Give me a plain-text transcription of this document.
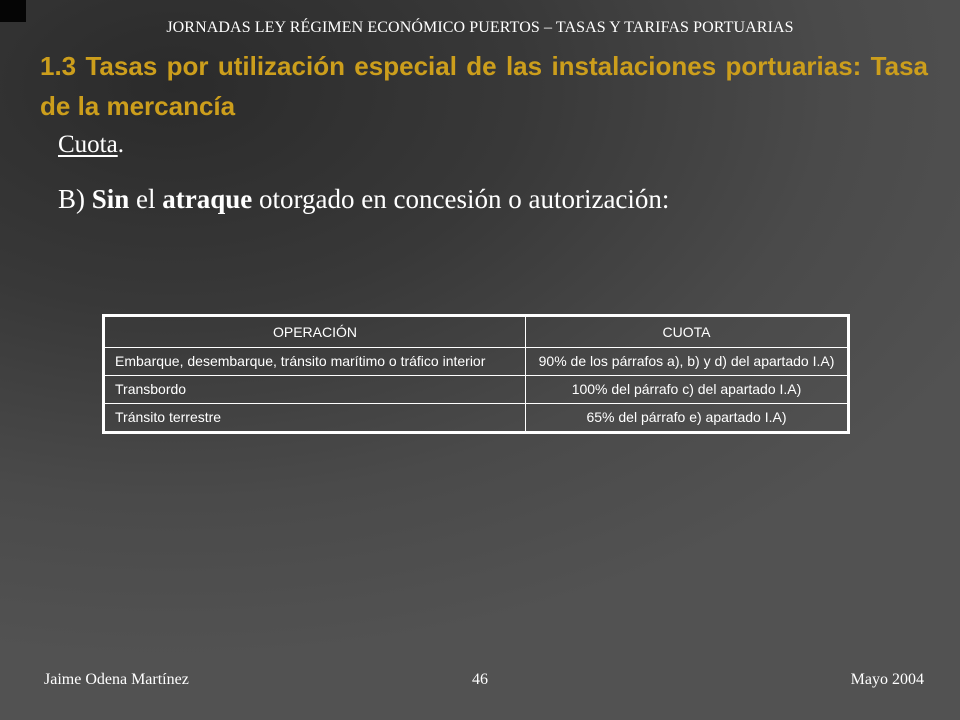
JORNADAS LEY RÉGIMEN ECONÓMICO PUERTOS – TASAS Y TARIFAS PORTUARIAS
1.3 Tasas por utilización especial de las instalaciones portuarias: Tasa de la mercancía
Cuota.
B) Sin el atraque otorgado en concesión o autorización:
OPERACIÓN	CUOTA
Embarque, desembarque, tránsito marítimo o tráfico interior	90% de los párrafos a), b) y d) del apartado I.A)
Transbordo	100% del párrafo c) del apartado I.A)
Tránsito terrestre	65% del párrafo e) apartado I.A)
Jaime Odena Martínez	46	Mayo 2004
